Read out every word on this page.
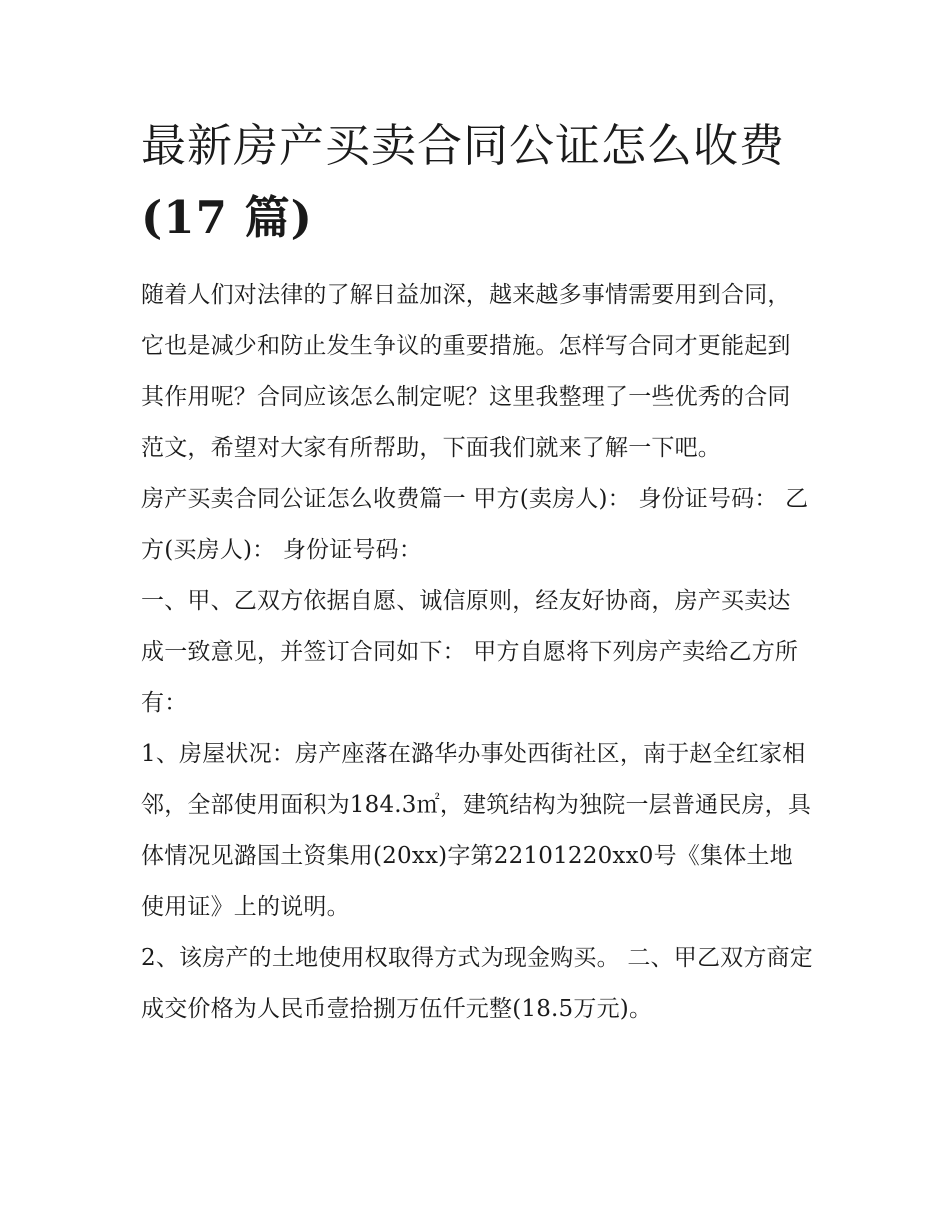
最新房产买卖合同公证怎么收费(17 篇)

随着人们对法律的了解日益加深，越来越多事情需要用到合同，它也是减少和防止发生争议的重要措施。怎样写合同才更能起到其作用呢？合同应该怎么制定呢？这里我整理了一些优秀的合同范文，希望对大家有所帮助，下面我们就来了解一下吧。

房产买卖合同公证怎么收费篇一 甲方(卖房人)： 身份证号码： 乙方(买房人)： 身份证号码：

一、甲、乙双方依据自愿、诚信原则，经友好协商，房产买卖达成一致意见，并签订合同如下： 甲方自愿将下列房产卖给乙方所有：

1、房屋状况：房产座落在潞华办事处西街社区，南于赵全红家相邻，全部使用面积为184.3㎡，建筑结构为独院一层普通民房，具体情况见潞国土资集用(20xx)字第22101220xx0号《集体土地使用证》上的说明。

2、该房产的土地使用权取得方式为现金购买。 二、甲乙双方商定成交价格为人民币壹拾捌万伍仟元整(18.5万元)。
